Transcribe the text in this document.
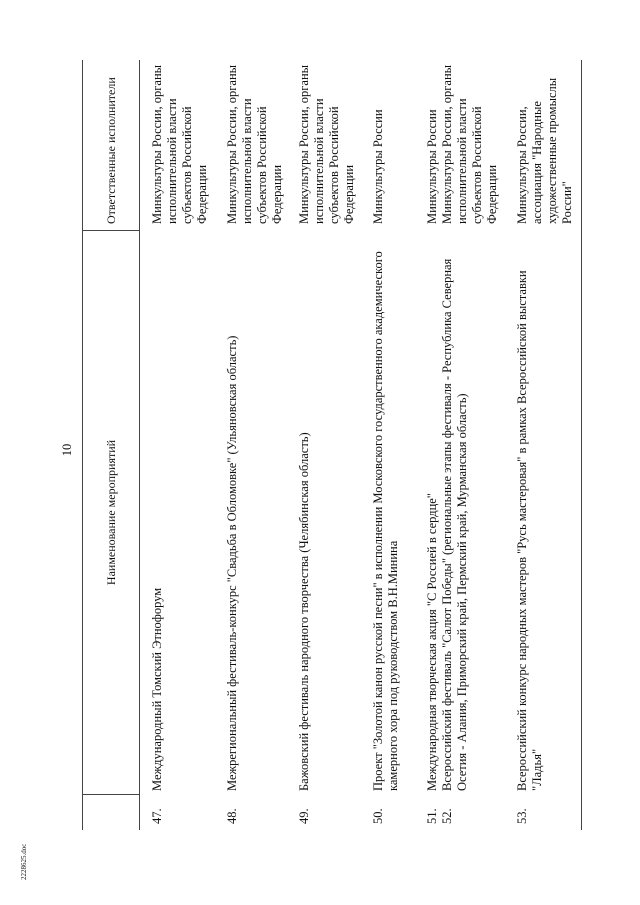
10	Наименование мероприятий
Ответственные исполнители
47.
Международный Томский Этнофорум
Минкультуры России, органы исполнительной власти субъектов Российской Федерации
48.
Межрегиональный фестиваль-конкурс "Свадьба в Обломовке" (Ульяновская область)
Минкультуры России, органы исполнительной власти субъектов Российской Федерации
49.
Бажовский фестиваль народного творчества (Челябинская область)
Минкультуры России, органы исполнительной власти субъектов Российской Федерации
50.
Проект "Золотой канон русской песни" в исполнении Московского государственного академического камерного хора под руководством В.Н.Минина
Минкультуры России
51.
Международная творческая акция "С Россией в сердце"
Минкультуры России
52.
Всероссийский фестиваль "Салют Победы" (региональные этапы фестиваля - Республика Северная Осетия - Алания, Приморский край, Пермский край, Мурманская область)
Минкультуры России, органы исполнительной власти субъектов Российской Федерации
53.
Всероссийский конкурс народных мастеров "Русь мастеровая" в рамках Всероссийской выставки "Ладья"
Минкультуры России, ассоциация "Народные художественные промыслы России"
2228625.doc
